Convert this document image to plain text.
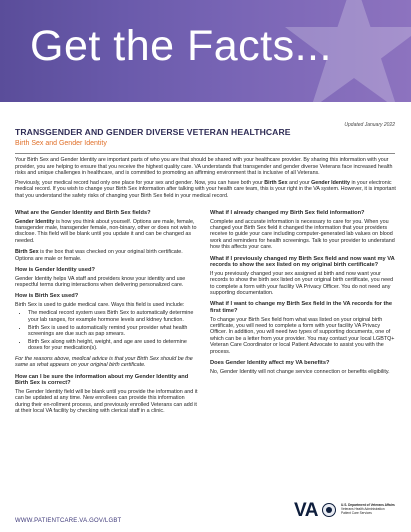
Get the Facts...
Updated January 2022
TRANSGENDER AND GENDER DIVERSE VETERAN HEALTHCARE
Birth Sex and Gender Identity

Your Birth Sex and Gender Identity are important parts of who you are that should be shared with your healthcare provider. By sharing this information with your provider, you are helping to ensure that you receive the highest quality care. VA understands that transgender and gender diverse Veterans face increased health risks and unique challenges in healthcare, and is committed to promoting an affirming environment that is inclusive of all Veterans.

Previously, your medical record had only one place for your sex and gender. Now, you can have both your Birth Sex and your Gender Identity in your electronic medical record. If you wish to change your Birth Sex information after talking with your health care team, this is your right in the VA system. However, it is important that you understand the safety risks of changing your Birth Sex field in your medical record.

What are the Gender Identity and Birth Sex fields?
Gender Identity is how you think about yourself. Options are male, female, transgender male, transgender female, non-binary, other or does not wish to disclose. This field will be blank until you update it and can be changed as needed.
Birth Sex is the box that was checked on your original birth certificate. Options are male or female.
How is Gender Identity used?
Gender Identity helps VA staff and providers know your identity and use respectful terms during interactions when delivering personalized care.
How is Birth Sex used?
Birth Sex is used to guide medical care. Ways this field is used include:
• The medical record system uses Birth Sex to automatically determine your lab ranges, for example hormone levels and kidney function.
• Birth Sex is used to automatically remind your provider what health screenings are due such as pap smears.
• Birth Sex along with height, weight, and age are used to determine doses for your medication(s).
For the reasons above, medical advice is that your Birth Sex should be the same as what appears on your original birth certificate.
How can I be sure the information about my Gender Identity and Birth Sex is correct?
The Gender Identity field will be blank until you provide the information and it can be updated at any time. New enrollees can provide this information during their en-rollment process, and previously enrolled Veterans can add it at their local VA facility by checking with clerical staff in a clinic.
What if I already changed my Birth Sex field information?
Complete and accurate information is necessary to care for you. When you changed your Birth Sex field it changed the information that your providers receive to guide your care including computer-generated lab values on blood work and reminders for health screenings. Talk to your provider to understand how this affects your care.
What if I previously changed my Birth Sex field and now want my VA records to show the sex listed on my original birth certificate?
If you previously changed your sex assigned at birth and now want your records to show the birth sex listed on your original birth certificate, you need to complete a form with your facility VA Privacy Officer. You do not need any supporting documentation.
What if I want to change my Birth Sex field in the VA records for the first time?
To change your Birth Sex field from what was listed on your original birth certificate, you will need to complete a form with your facility VA Privacy Officer. In addition, you will need two types of supporting documents, one of which can be a letter from your provider. You may contact your local LGBTQ+ Veteran Care Coordinator or local Patient Advocate to assist you with the process.
Does Gender Identity affect my VA benefits?
No, Gender Identity will not change service connection or benefits eligibility.
WWW.PATIENTCARE.VA.GOV/LGBT	VA	U.S. Department of Veterans Affairs
Veterans Health Administration
Patient Care Services
